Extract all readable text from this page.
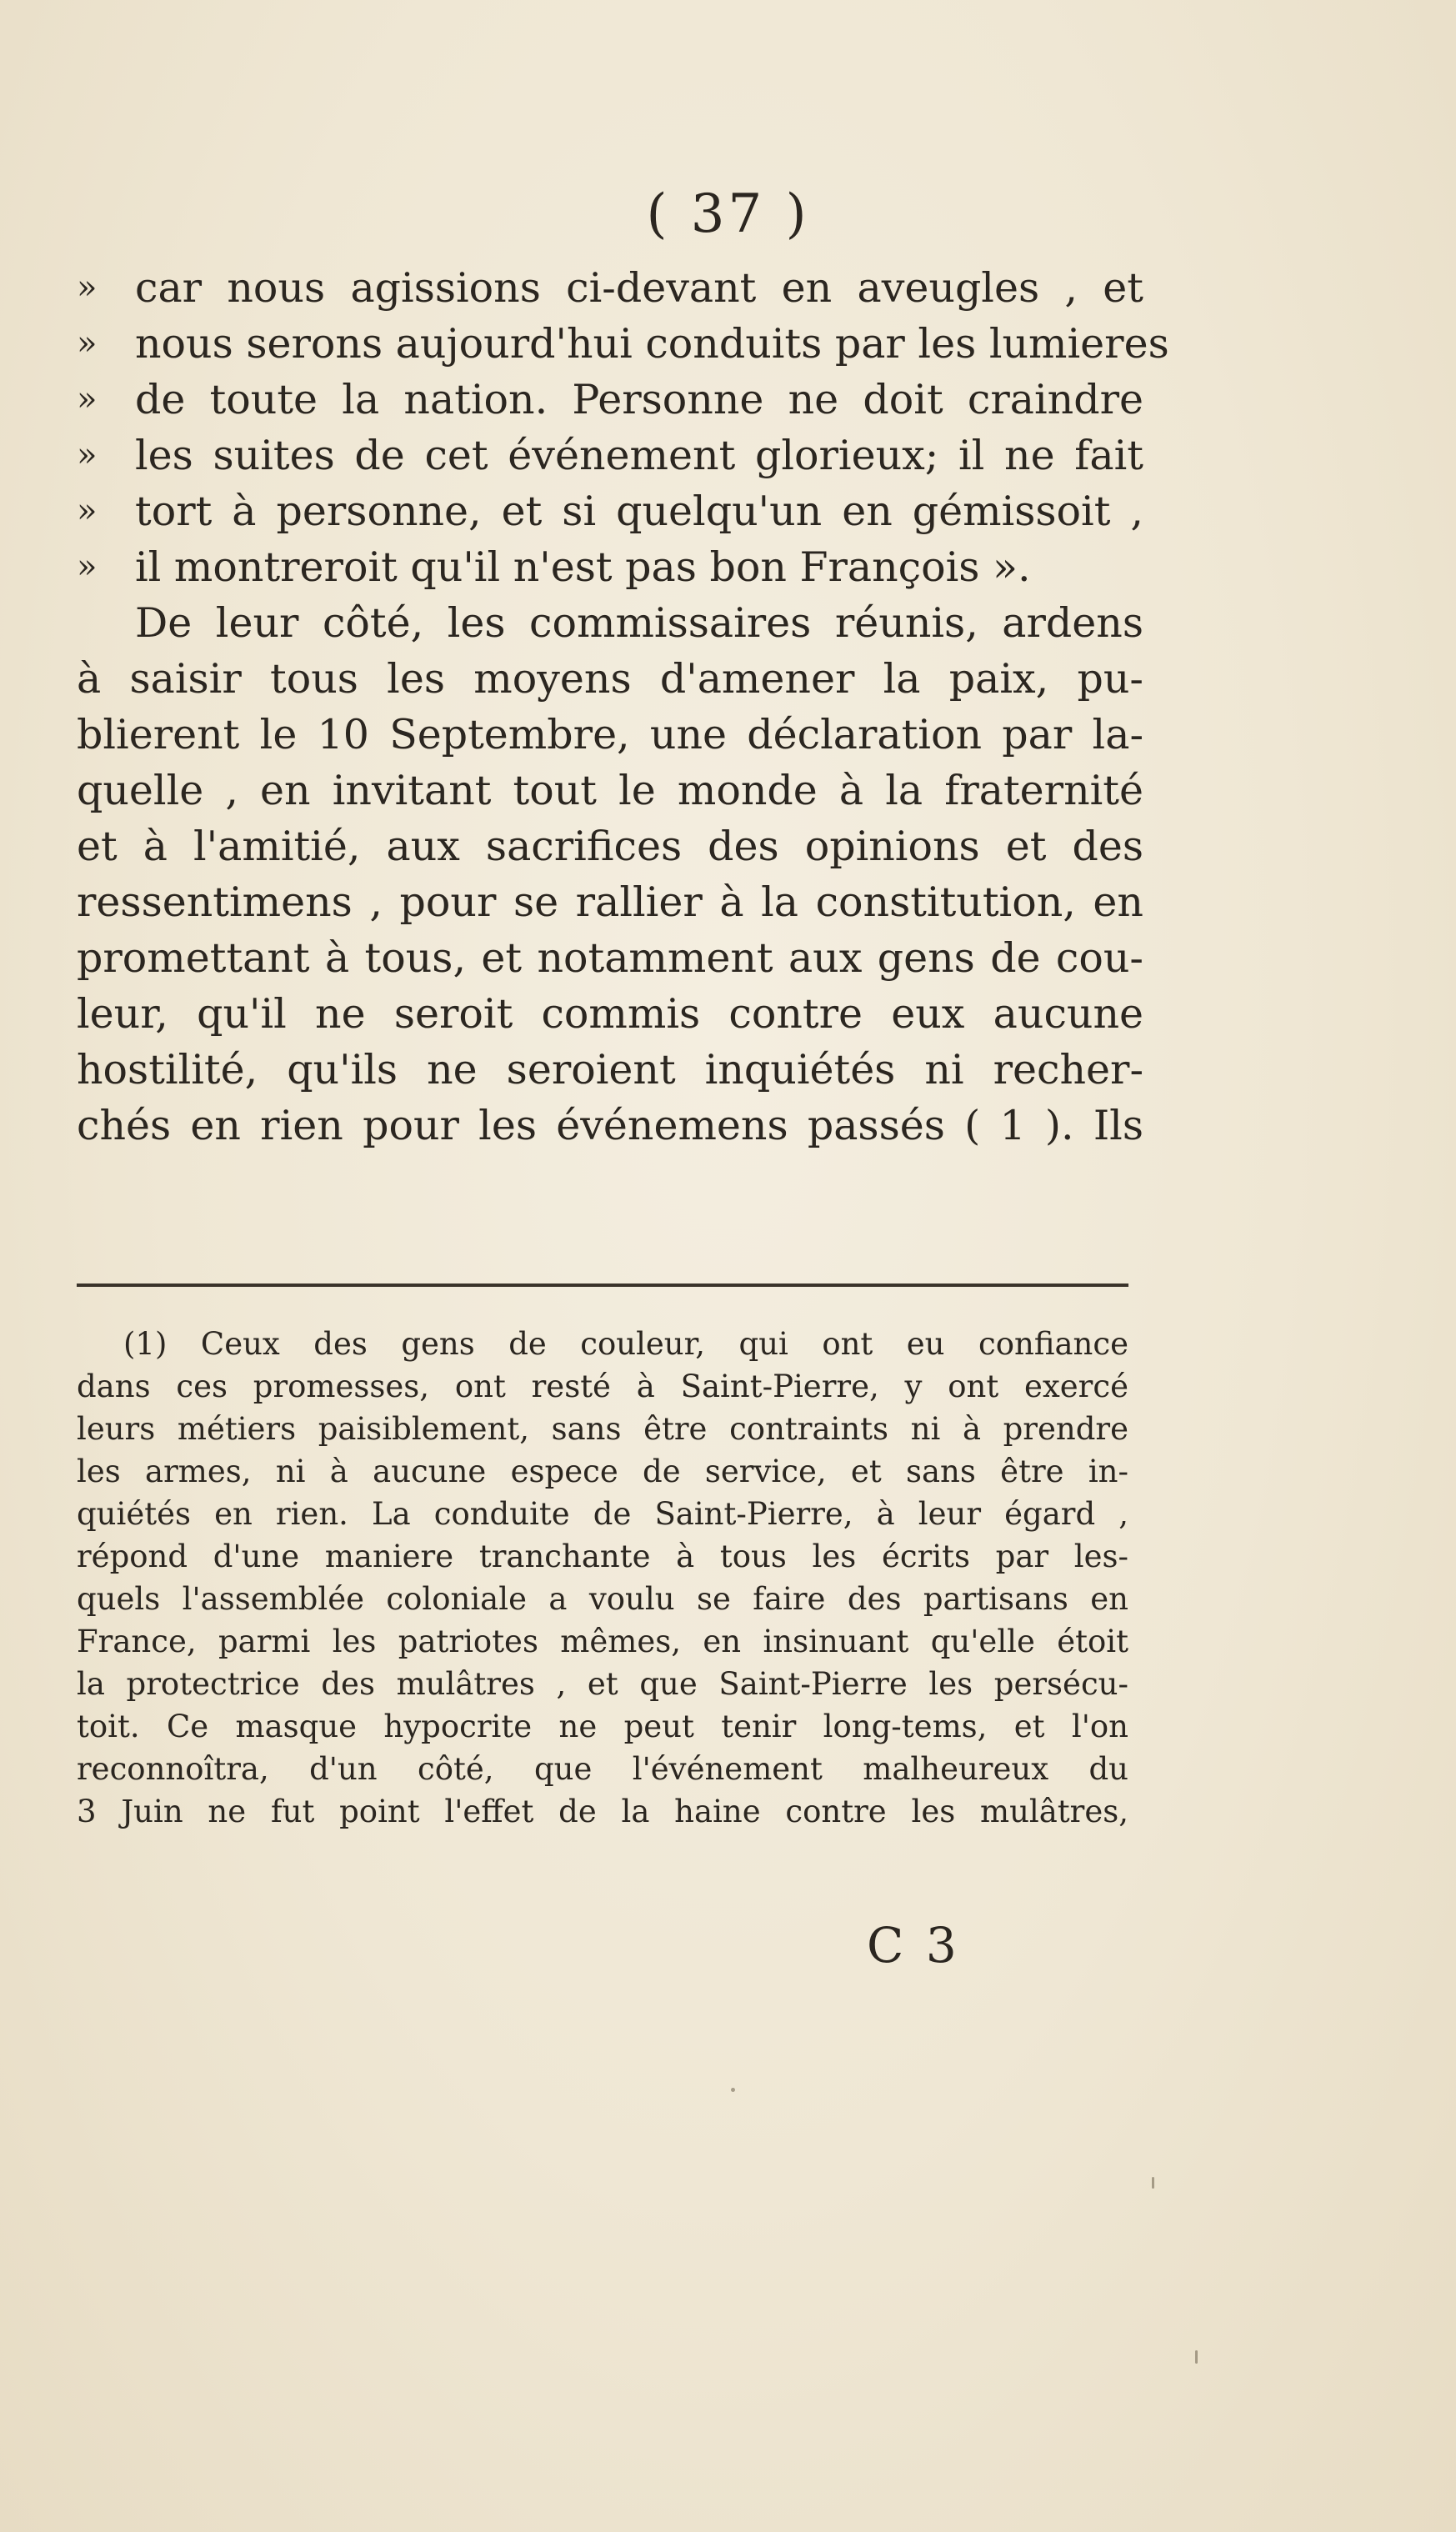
( 37 )
» car nous agissions ci-devant en aveugles , et
» nous serons aujourd'hui conduits par les lumieres
» de toute la nation. Personne ne doit craindre
» les suites de cet événement glorieux; il ne fait
» tort à personne, et si quelqu'un en gémissoit ,
» il montreroit qu'il n'est pas bon François ».
De leur côté, les commissaires réunis, ardens
à saisir tous les moyens d'amener la paix, pu-
blierent le 10 Septembre, une déclaration par la-
quelle , en invitant tout le monde à la fraternité
et à l'amitié, aux sacrifices des opinions et des
ressentimens , pour se rallier à la constitution, en
promettant à tous, et notamment aux gens de cou-
leur, qu'il ne seroit commis contre eux aucune
hostilité, qu'ils ne seroient inquiétés ni recher-
chés en rien pour les événemens passés ( 1 ). Ils
(1) Ceux des gens de couleur, qui ont eu confiance
dans ces promesses, ont resté à Saint-Pierre, y ont exercé
leurs métiers paisiblement, sans être contraints ni à prendre
les armes, ni à aucune espece de service, et sans être in-
quiétés en rien. La conduite de Saint-Pierre, à leur égard ,
répond d'une maniere tranchante à tous les écrits par les-
quels l'assemblée coloniale a voulu se faire des partisans en
France, parmi les patriotes mêmes, en insinuant qu'elle étoit
la protectrice des mulâtres , et que Saint-Pierre les persécu-
toit. Ce masque hypocrite ne peut tenir long-tems, et l'on
reconnoîtra, d'un côté, que l'événement malheureux du
3 Juin ne fut point l'effet de la haine contre les mulâtres,
C 3
